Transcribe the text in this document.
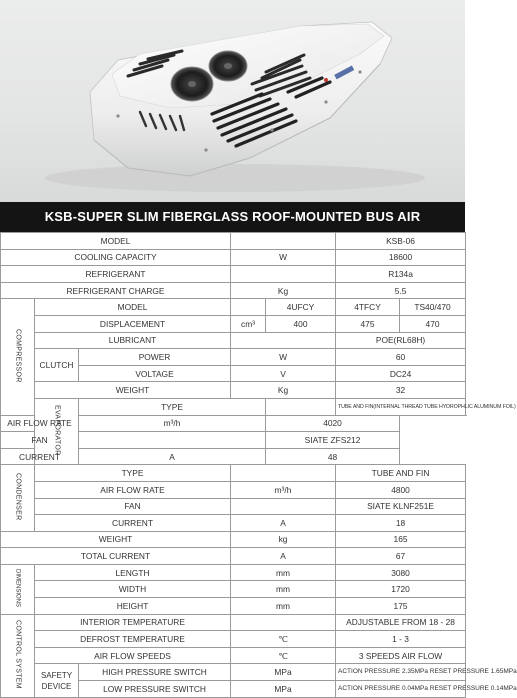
KSB-SUPER SLIM FIBERGLASS ROOF-MOUNTED BUS AIR CONDITIONER
MODEL					KSB-06	
COOLING CAPACITY			W		18600	
REFRIGERANT					R134a	
REFRIGERANT CHARGE			Kg		5.5	
COMPRESSOR	MODEL			4UFCY	4TFCY	TS40/470
	DISPLACEMENT		cm³	400	475	470
	LUBRICANT				POE(RL68H)	
	CLUTCH	POWER	W		60	
		VOLTAGE	V		DC24	
	WEIGHT		Kg		32	
	EVAPORATOR	TYPE			TUBE AND FIN(INTERNAL THREAD TUBE HYDROPHLIC ALUMINUM FOIL)	
AIR FLOW RATE		m³/h		4020		
FAN				SIATE ZFS212		
CURRENT		A		48		
CONDENSER	TYPE				TUBE AND FIN	
	AIR FLOW RATE		m³/h		4800	
	FAN				SIATE KLNF251E	
	CURRENT		A		18	
WEIGHT			kg		165	
TOTAL CURRENT			A		67	
DIMENSIONS	LENGTH		mm		3080	
	WIDTH		mm		1720	
	HEIGHT		mm		175	
CONTROL SYSTEM	INTERIOR TEMPERATURE				ADJUSTABLE FROM 18 - 28	
	DEFROST TEMPERATURE		℃		1 - 3	
	AIR FLOW SPEEDS		℃		3 SPEEDS AIR FLOW	
	SAFETY DEVICE	HIGH PRESSURE SWITCH	MPa		ACTION PRESSURE 2.35MPa RESET PRESSURE 1.65MPa	
		LOW PRESSURE SWITCH	MPa		ACTION PRESSURE 0.04MPa RESET PRESSURE 0.14MPa	
